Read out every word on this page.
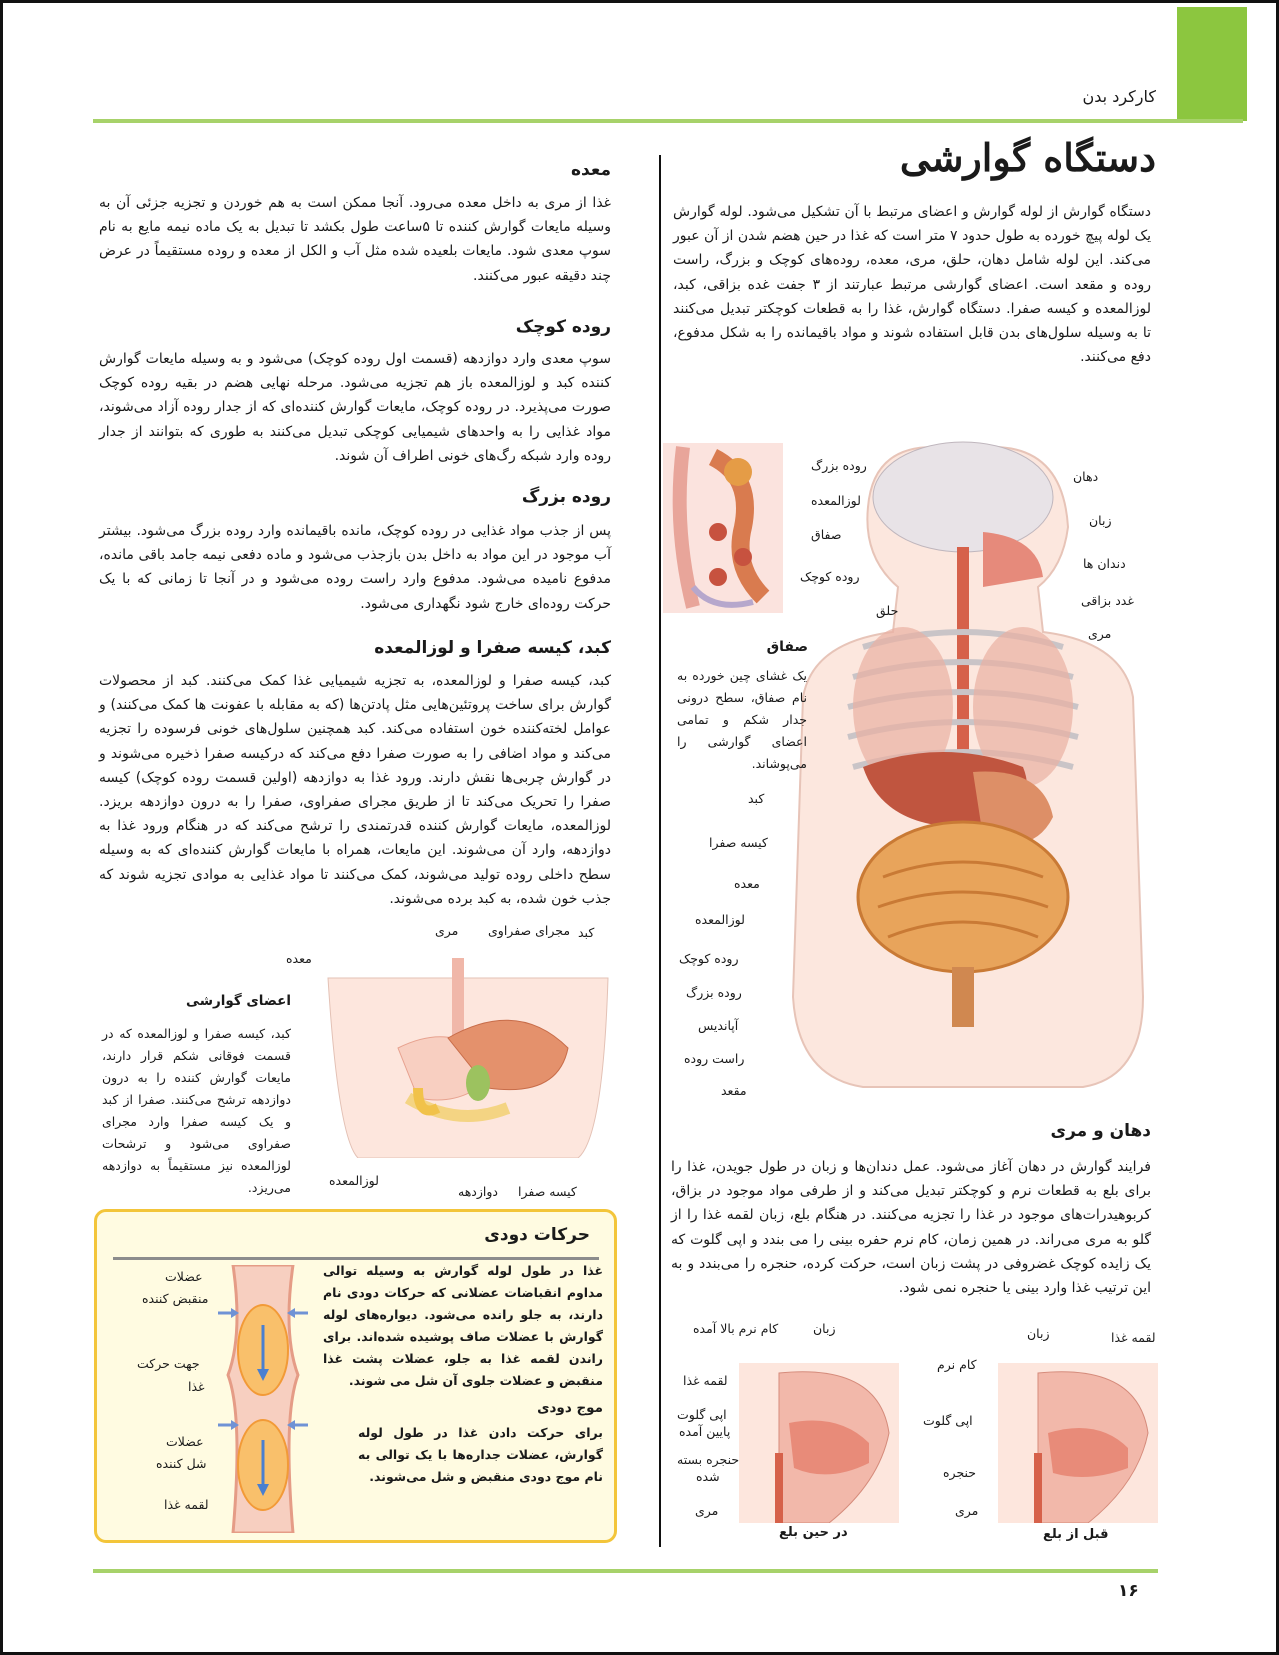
کارکرد بدن
دستگاه گوارشی

دستگاه گوارش از لوله گوارش و اعضای مرتبط با آن تشکیل می‌شود. لوله گوارش یک لوله پیچ خورده به طول حدود ۷ متر است که غذا در حین هضم شدن از آن عبور می‌کند. این لوله شامل دهان، حلق، مری، معده، روده‌های کوچک و بزرگ، راست روده و مقعد است. اعضای گوارشی مرتبط عبارتند از ۳ جفت غده بزاقی، کبد، لوزالمعده و کیسه صفرا. دستگاه گوارش، غذا را به قطعات کوچکتر تبدیل می‌کنند تا به وسیله سلول‌های بدن قابل استفاده شوند و مواد باقیمانده را به شکل مدفوع، دفع می‌کنند.

دهان
زبان
دندان ها
غدد بزاقی
مری
حلق
روده بزرگ
لوزالمعده
صفاق
روده کوچک
کبد
کیسه صفرا
معده
لوزالمعده
روده کوچک
روده بزرگ
آپاندیس
راست روده
مقعد
صفاق

یک غشای چین خورده به نام صفاق، سطح درونی جدار شکم و تمامی اعضای گوارشی را می‌پوشاند.

دهان و مری

فرایند گوارش در دهان آغاز می‌شود. عمل دندان‌ها و زبان در طول جویدن، غذا را برای بلع به قطعات نرم و کوچکتر تبدیل می‌کند و از طرفی مواد موجود در بزاق، کربوهیدرات‌های موجود در غذا را تجزیه می‌کنند. در هنگام بلع، زبان لقمه غذا را از گلو به مری می‌راند. در همین زمان، کام نرم حفره بینی را می بندد و اپی گلوت که یک زایده کوچک غضروفی در پشت زبان است، حرکت کرده، حنجره را می‌بندد و به این ترتیب غذا وارد بینی یا حنجره نمی شود.

کام نرم بالا آمده	زبان
لقمه غذا
اپی گلوت
پایین آمده
حنجره بسته
شده
مری
در حین بلع
زبان	لقمه غذا
کام نرم
اپی گلوت
حنجره
مری
قبل از بلع
معده

غذا از مری به داخل معده می‌رود. آنجا ممکن است به هم خوردن و تجزیه جزئی آن به وسیله مایعات گوارش کننده تا ۵ساعت طول بکشد تا تبدیل به یک ماده نیمه مایع به نام سوپ معدی شود. مایعات بلعیده شده مثل آب و الکل از معده و روده مستقیماً در عرض چند دقیقه عبور می‌کنند.

روده کوچک

سوپ معدی وارد دوازدهه (قسمت اول روده کوچک) می‌شود و به وسیله مایعات گوارش کننده کبد و لوزالمعده باز هم تجزیه می‌شود. مرحله نهایی هضم در بقیه روده کوچک صورت می‌پذیرد. در روده کوچک، مایعات گوارش کننده‌ای که از جدار روده آزاد می‌شوند، مواد غذایی را به واحدهای شیمیایی کوچکی تبدیل می‌کنند به طوری که بتوانند از جدار روده وارد شبکه رگ‌های خونی اطراف آن شوند.

روده بزرگ

پس از جذب مواد غذایی در روده کوچک، مانده باقیمانده وارد روده بزرگ می‌شود. بیشتر آب موجود در این مواد به داخل بدن بازجذب می‌شود و ماده دفعی نیمه جامد باقی مانده، مدفوع نامیده می‌شود. مدفوع وارد راست روده می‌شود و در آنجا تا زمانی که با یک حرکت روده‌ای خارج شود نگهداری می‌شود.

کبد، کیسه صفرا و لوزالمعده

کبد، کیسه صفرا و لوزالمعده، به تجزیه شیمیایی غذا کمک می‌کنند. کبد از محصولات گوارش برای ساخت پروتئین‌هایی مثل پادتن‌ها (که به مقابله با عفونت ها کمک می‌کنند) و عوامل لخته‌کننده خون استفاده می‌کند. کبد همچنین سلول‌های خونی فرسوده را تجزیه می‌کند و مواد اضافی را به صورت صفرا دفع می‌کند که درکیسه صفرا ذخیره می‌شوند و در گوارش چربی‌ها نقش دارند. ورود غذا به دوازدهه (اولین قسمت روده کوچک) کیسه صفرا را تحریک می‌کند تا از طریق مجرای صفراوی، صفرا را به درون دوازدهه بریزد. لوزالمعده، مایعات گوارش کننده قدرتمندی را ترشح می‌کند که در هنگام ورود غذا به دوازدهه، وارد آن می‌شوند. این مایعات، همراه با مایعات گوارش کننده‌ای که به وسیله سطح داخلی روده تولید می‌شوند، کمک می‌کنند تا مواد غذایی به موادی تجزیه شوند که جذب خون شده، به کبد برده می‌شوند.

کبد
مجرای صفراوی
مری
معده
لوزالمعده
دوازدهه کیسه صفرا
اعضای گوارشی

کبد، کیسه صفرا و لوزالمعده که در قسمت فوقانی شکم قرار دارند، مایعات گوارش کننده را به درون دوازدهه ترشح می‌کنند. صفرا از کبد و یک کیسه صفرا وارد مجرای صفراوی می‌شود و ترشحات لوزالمعده نیز مستقیماً به دوازدهه می‌ریزد.

حرکات دودی
عضلات
منقبض کننده
جهت حرکت
غذا
عضلات
شل کننده
لقمه غذا

غذا در طول لوله گوارش به وسیله توالی مداوم انقباضات عضلانی که حرکات دودی نام دارند، به جلو رانده می‌شود. دیواره‌های لوله گوارش با عضلات صاف پوشیده شده‌اند. برای راندن لقمه غذا به جلو، عضلات پشت غذا منقبض و عضلات جلوی آن شل می شوند.

موج دودی

برای حرکت دادن غذا در طول لوله گوارش، عضلات جداره‌ها با یک توالی به نام موج دودی منقبض و شل می‌شوند.

۱۶
